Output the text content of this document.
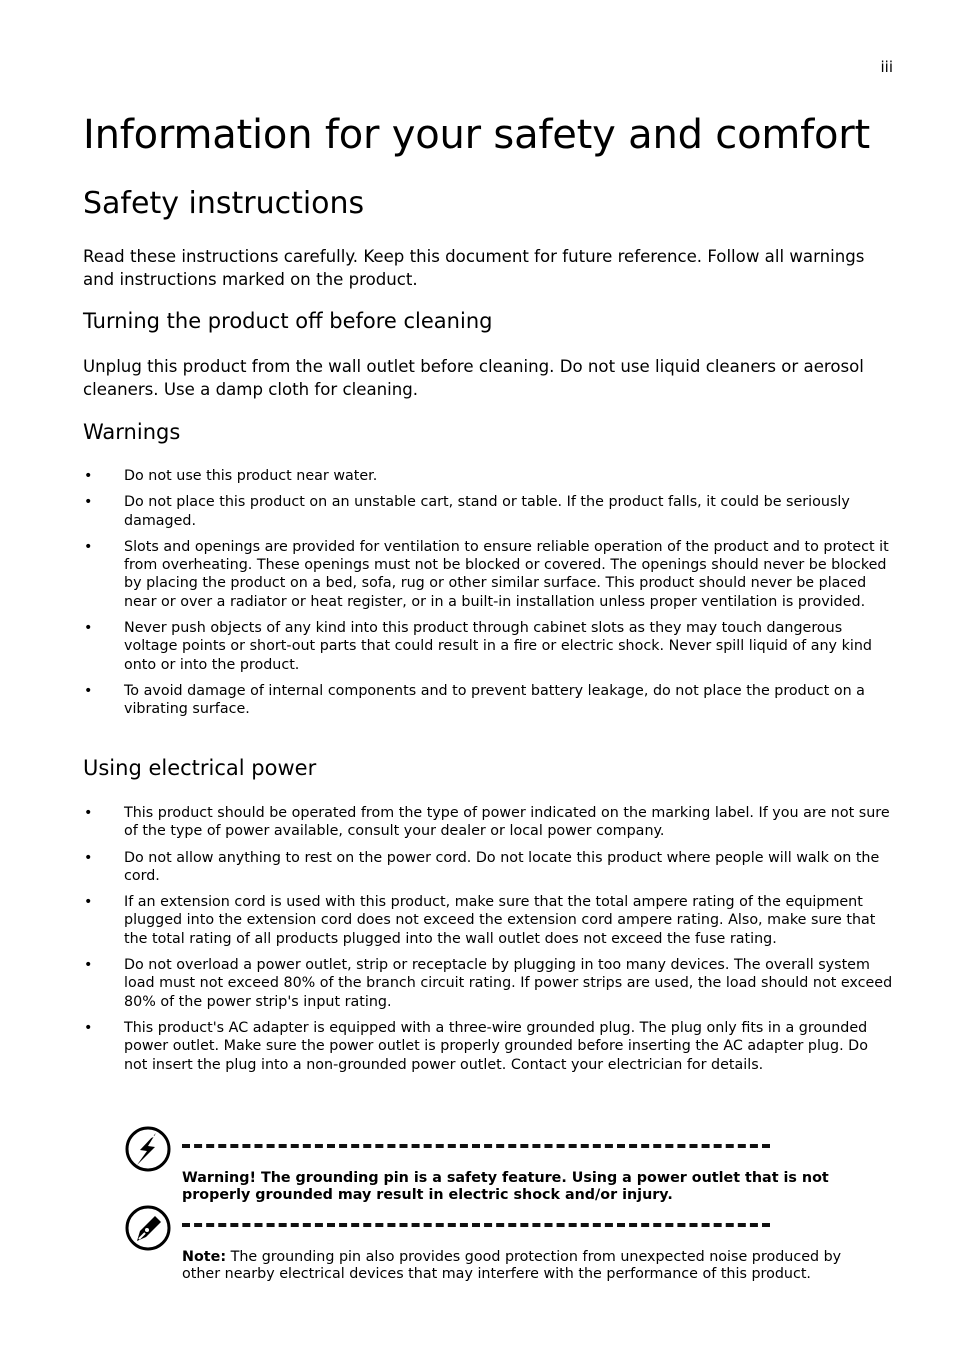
iii
Information for your safety and comfort
Safety instructions

Read these instructions carefully. Keep this document for future reference. Follow all warnings and instructions marked on the product.

Turning the product off before cleaning

Unplug this product from the wall outlet before cleaning. Do not use liquid cleaners or aerosol cleaners. Use a damp cloth for cleaning.

Warnings
• Do not use this product near water.
• Do not place this product on an unstable cart, stand or table. If the product falls, it could be seriously damaged.
• Slots and openings are provided for ventilation to ensure reliable operation of the product and to protect it from overheating. These openings must not be blocked or covered. The openings should never be blocked by placing the product on a bed, sofa, rug or other similar surface. This product should never be placed near or over a radiator or heat register, or in a built-in installation unless proper ventilation is provided.
• Never push objects of any kind into this product through cabinet slots as they may touch dangerous voltage points or short-out parts that could result in a fire or electric shock. Never spill liquid of any kind onto or into the product.
• To avoid damage of internal components and to prevent battery leakage, do not place the product on a vibrating surface.
Using electrical power
• This product should be operated from the type of power indicated on the marking label. If you are not sure of the type of power available, consult your dealer or local power company.
• Do not allow anything to rest on the power cord. Do not locate this product where people will walk on the cord.
• If an extension cord is used with this product, make sure that the total ampere rating of the equipment plugged into the extension cord does not exceed the extension cord ampere rating. Also, make sure that the total rating of all products plugged into the wall outlet does not exceed the fuse rating.
• Do not overload a power outlet, strip or receptacle by plugging in too many devices. The overall system load must not exceed 80% of the branch circuit rating. If power strips are used, the load should not exceed 80% of the power strip's input rating.
• This product's AC adapter is equipped with a three-wire grounded plug. The plug only fits in a grounded power outlet. Make sure the power outlet is properly grounded before inserting the AC adapter plug. Do not insert the plug into a non-grounded power outlet. Contact your electrician for details.
Warning! The grounding pin is a safety feature. Using a power outlet that is not properly grounded may result in electric shock and/or injury.
Note: The grounding pin also provides good protection from unexpected noise produced by other nearby electrical devices that may interfere with the performance of this product.
